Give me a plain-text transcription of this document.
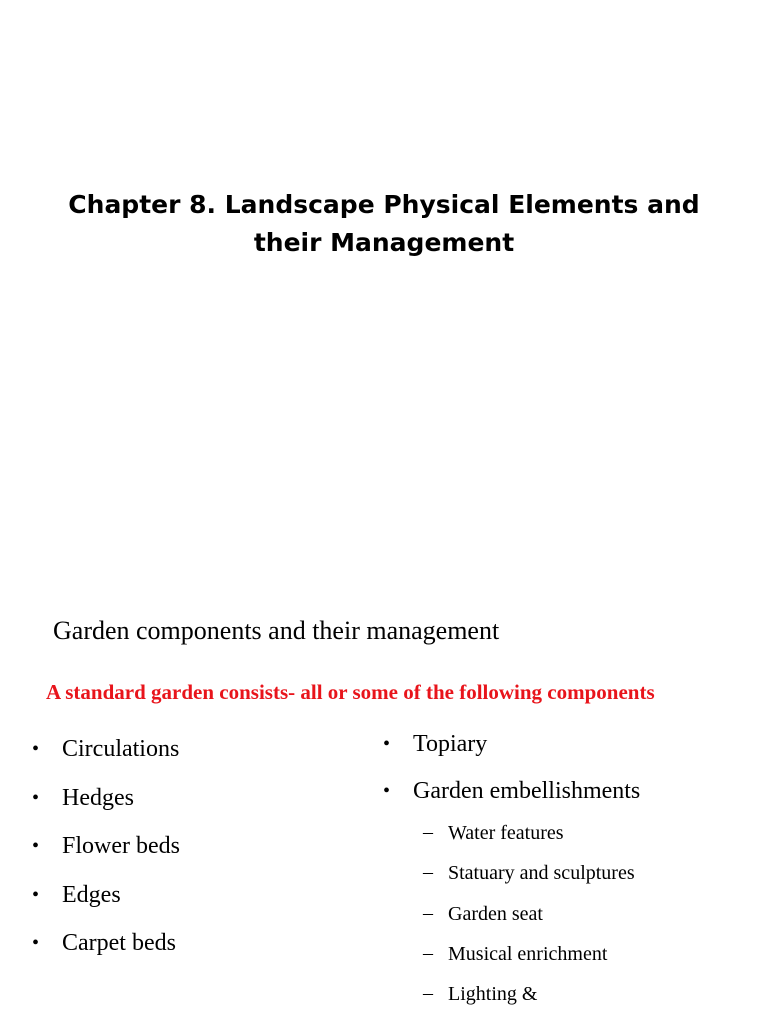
Chapter 8. Landscape Physical Elements and
their Management
Garden components and their management
A standard garden consists- all or some of the following components
• Circulations
• Hedges
• Flower beds
• Edges
• Carpet beds
• Topiary
• Garden embellishments
– Water features
– Statuary and sculptures
– Garden seat
– Musical enrichment
– Lighting &
